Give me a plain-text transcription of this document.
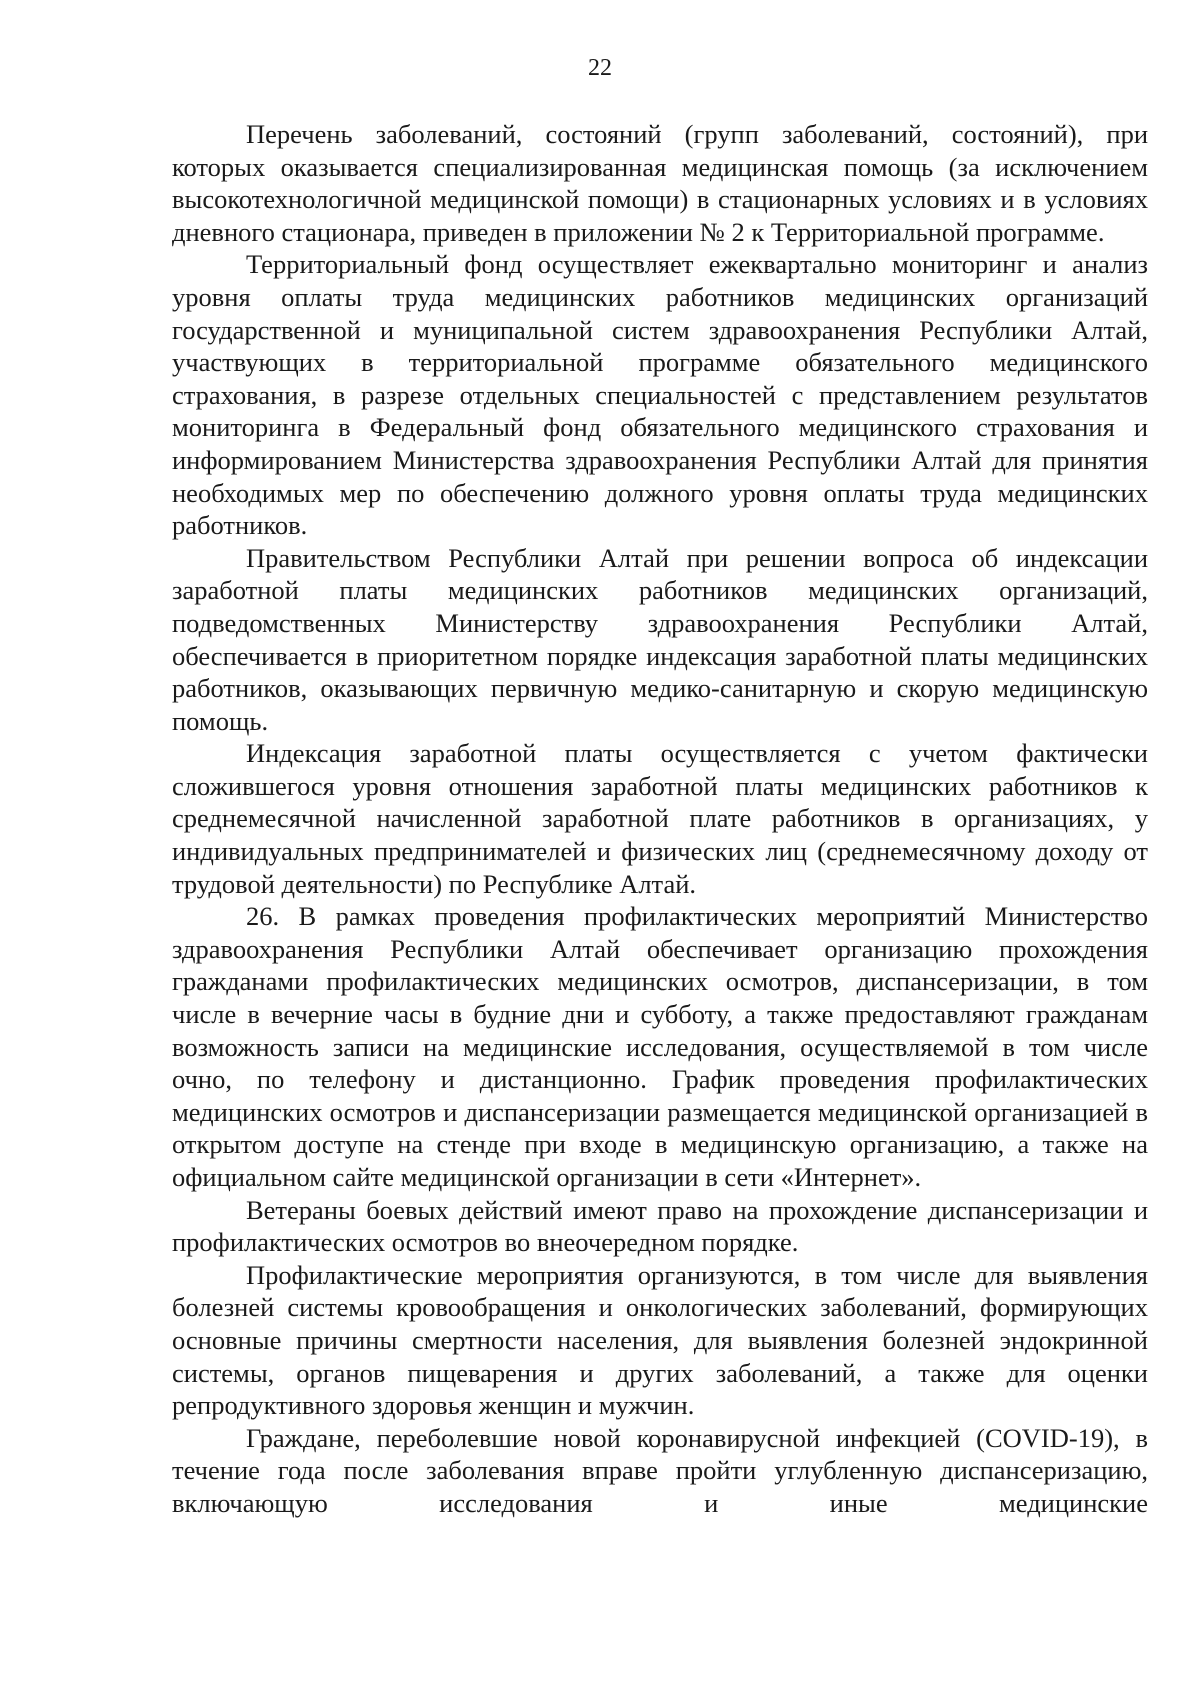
22

Перечень заболеваний, состояний (групп заболеваний, состояний), при которых оказывается специализированная медицинская помощь (за исключением высокотехнологичной медицинской помощи) в стационарных условиях и в условиях дневного стационара, приведен в приложении № 2 к Территориальной программе.

Территориальный фонд осуществляет ежеквартально мониторинг и анализ уровня оплаты труда медицинских работников медицинских организаций государственной и муниципальной систем здравоохранения Республики Алтай, участвующих в территориальной программе обязательного медицинского страхования, в разрезе отдельных специальностей с представлением результатов мониторинга в Федеральный фонд обязательного медицинского страхования и информированием Министерства здравоохранения Республики Алтай для принятия необходимых мер по обеспечению должного уровня оплаты труда медицинских работников.

Правительством Республики Алтай при решении вопроса об индексации заработной платы медицинских работников медицинских организаций, подведомственных Министерству здравоохранения Республики Алтай, обеспечивается в приоритетном порядке индексация заработной платы медицинских работников, оказывающих первичную медико-санитарную и скорую медицинскую помощь.

Индексация заработной платы осуществляется с учетом фактически сложившегося уровня отношения заработной платы медицинских работников к среднемесячной начисленной заработной плате работников в организациях, у индивидуальных предпринимателей и физических лиц (среднемесячному доходу от трудовой деятельности) по Республике Алтай.

26. В рамках проведения профилактических мероприятий Министерство здравоохранения Республики Алтай обеспечивает организацию прохождения гражданами профилактических медицинских осмотров, диспансеризации, в том числе в вечерние часы в будние дни и субботу, а также предоставляют гражданам возможность записи на медицинские исследования, осуществляемой в том числе очно, по телефону и дистанционно. График проведения профилактических медицинских осмотров и диспансеризации размещается медицинской организацией в открытом доступе на стенде при входе в медицинскую организацию, а также на официальном сайте медицинской организации в сети «Интернет».

Ветераны боевых действий имеют право на прохождение диспансеризации и профилактических осмотров во внеочередном порядке.

Профилактические мероприятия организуются, в том числе для выявления болезней системы кровообращения и онкологических заболеваний, формирующих основные причины смертности населения, для выявления болезней эндокринной системы, органов пищеварения и других заболеваний, а также для оценки репродуктивного здоровья женщин и мужчин.

Граждане, переболевшие новой коронавирусной инфекцией (COVID-19), в течение года после заболевания вправе пройти углубленную диспансеризацию, включающую исследования и иные медицинские
